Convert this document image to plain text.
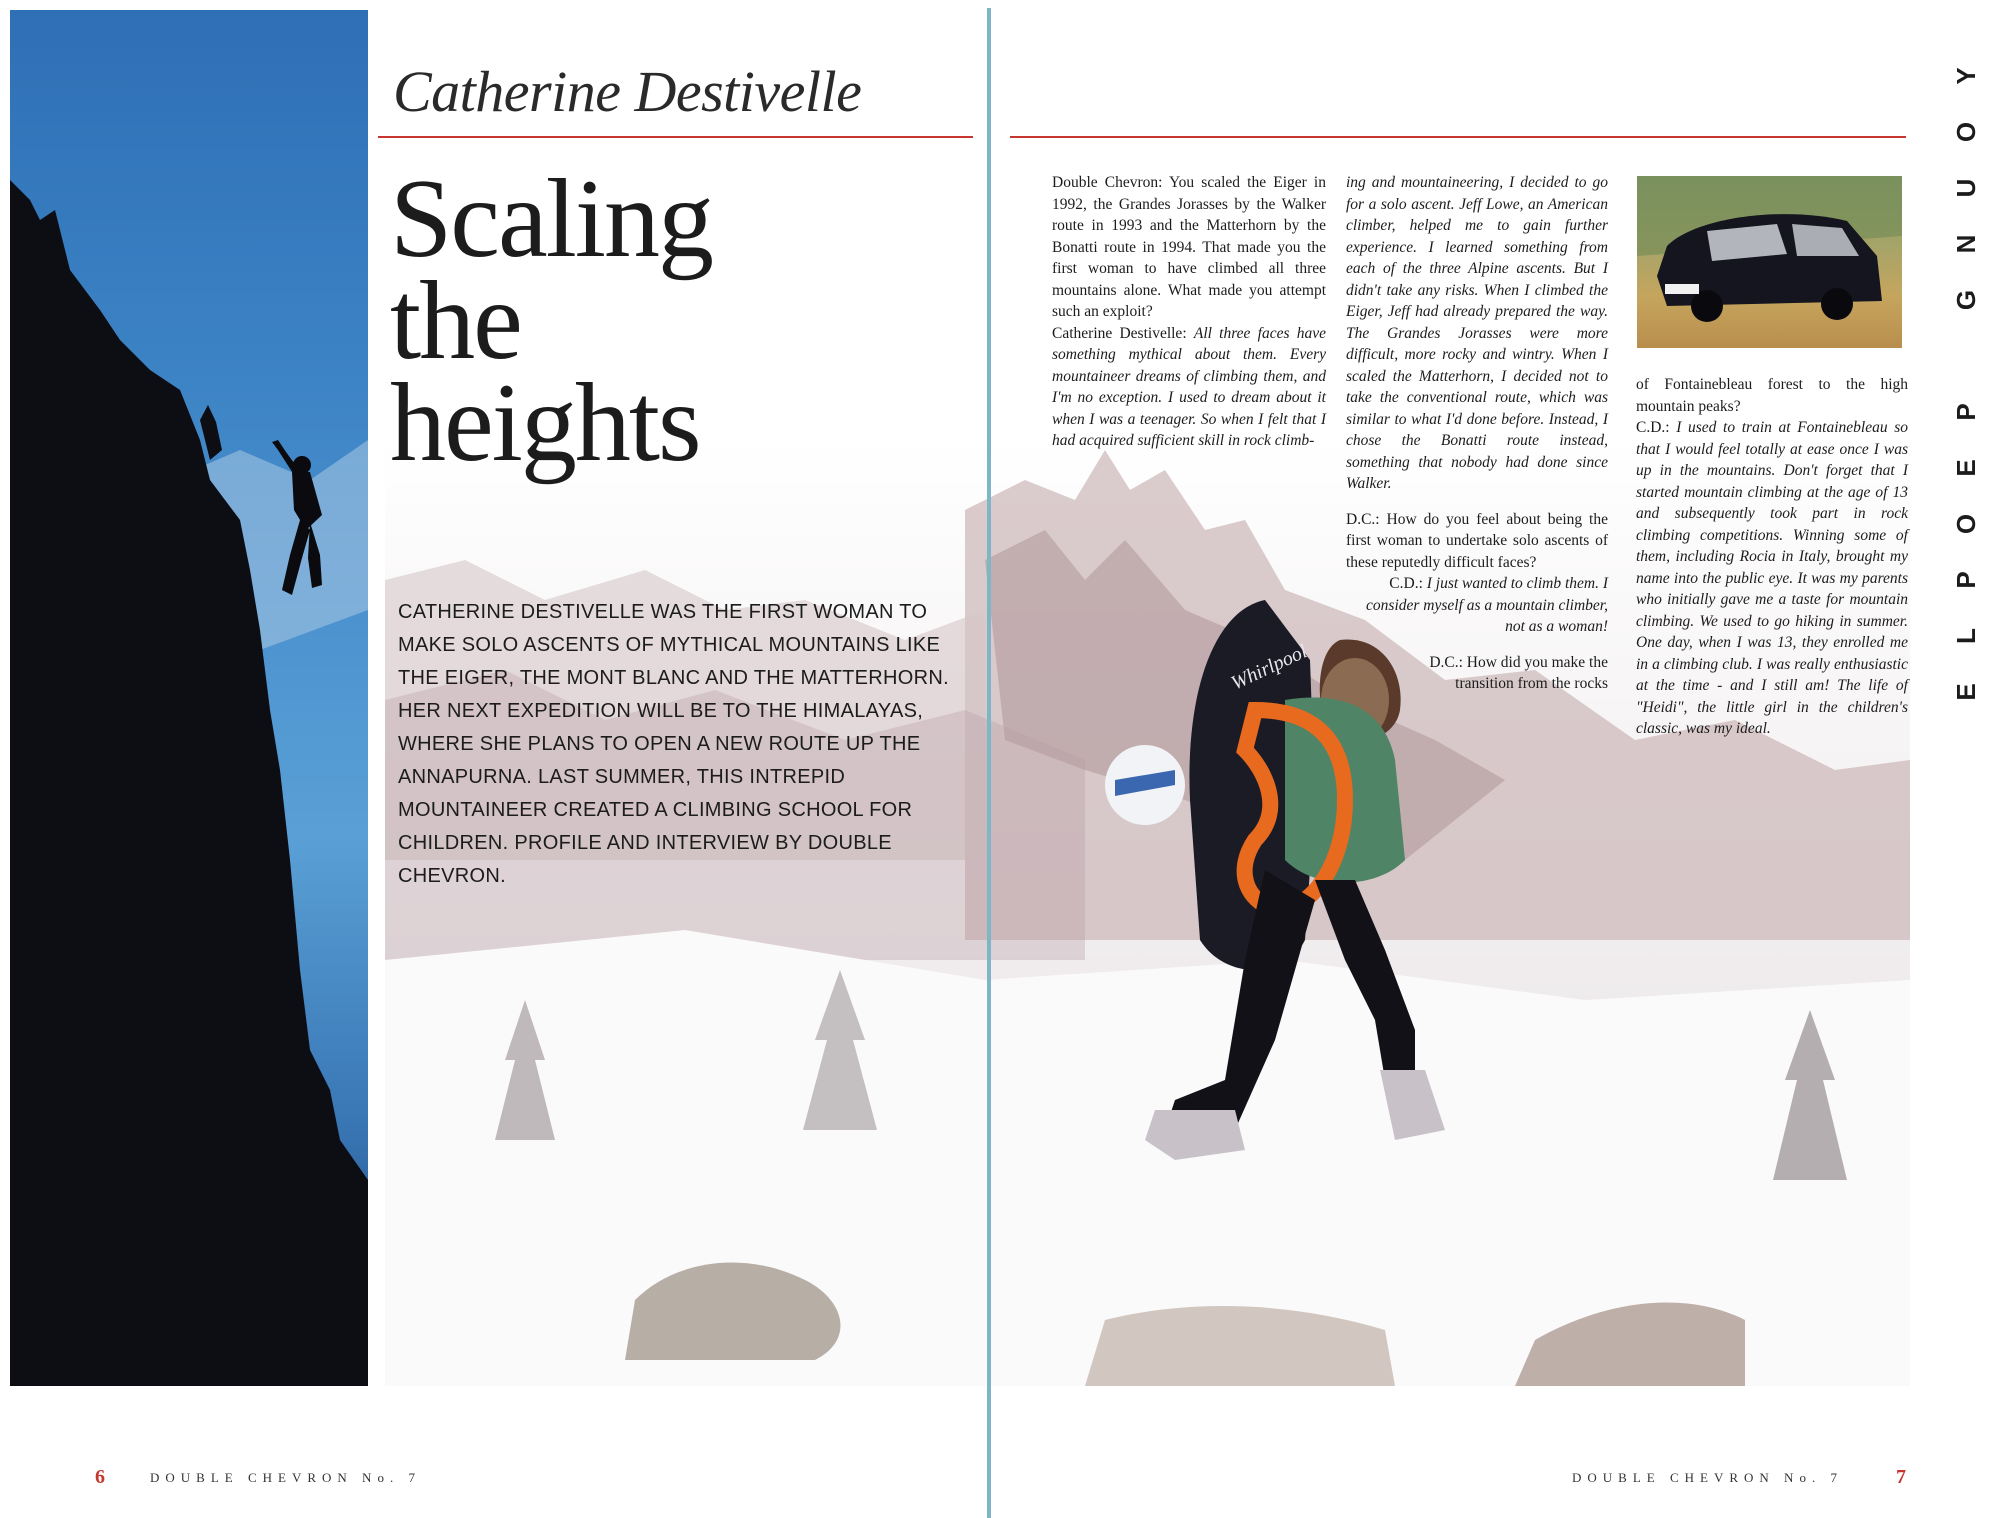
Whirlpool
Catherine Destivelle
Scaling
the
heights
CATHERINE DESTIVELLE WAS THE FIRST WOMAN TO MAKE SOLO ASCENTS OF MYTHICAL MOUNTAINS LIKE THE EIGER, THE MONT BLANC AND THE MATTERHORN. HER NEXT EXPEDITION WILL BE TO THE HIMALAYAS, WHERE SHE PLANS TO OPEN A NEW ROUTE UP THE ANNAPURNA. LAST SUMMER, THIS INTREPID MOUNTAINEER CREATED A CLIMBING SCHOOL FOR CHILDREN. PROFILE AND INTERVIEW BY DOUBLE CHEVRON.

Double Chevron: You scaled the Eiger in 1992, the Grandes Jorasses by the Walker route in 1993 and the Matterhorn by the Bonatti route in 1994. That made you the first woman to have climbed all three mountains alone. What made you attempt such an exploit?

Catherine Destivelle: All three faces have something mythical about them. Every mountaineer dreams of climbing them, and I'm no exception. I used to dream about it when I was a teenager. So when I felt that I had acquired sufficient skill in rock climb-

ing and mountaineering, I decided to go for a solo ascent. Jeff Lowe, an American climber, helped me to gain further experience. I learned something from each of the three Alpine ascents. But I didn't take any risks. When I climbed the Eiger, Jeff had already prepared the way. The Grandes Jorasses were more difficult, more rocky and wintry. When I scaled the Matterhorn, I decided not to take the conventional route, which was similar to what I'd done before. Instead, I chose the Bonatti route instead, something that nobody had done since Walker.

D.C.: How do you feel about being the first woman to undertake solo ascents of these reputedly difficult faces?

C.D.: I just wanted to climb them. I consider myself as a mountain climber, not as a woman!

D.C.: How did you make the transition from the rocks

of Fontainebleau forest to the high mountain peaks?

C.D.: I used to train at Fontainebleau so that I would feel totally at ease once I was up in the mountains. Don't forget that I started mountain climbing at the age of 13 and subsequently took part in rock climbing competitions. Winning some of them, including Rocia in Italy, brought my name into the public eye. It was my parents who initially gave me a taste for mountain climbing. We used to go hiking in summer. One day, when I was 13, they enrolled me in a climbing club. I was really enthusiastic at the time - and I still am! The life of "Heidi", the little girl in the children's classic, was my ideal.

Y
O
U
N
G
P
E
O
P
L
E
6	DOUBLE CHEVRON No. 7	DOUBLE CHEVRON No. 7	7
